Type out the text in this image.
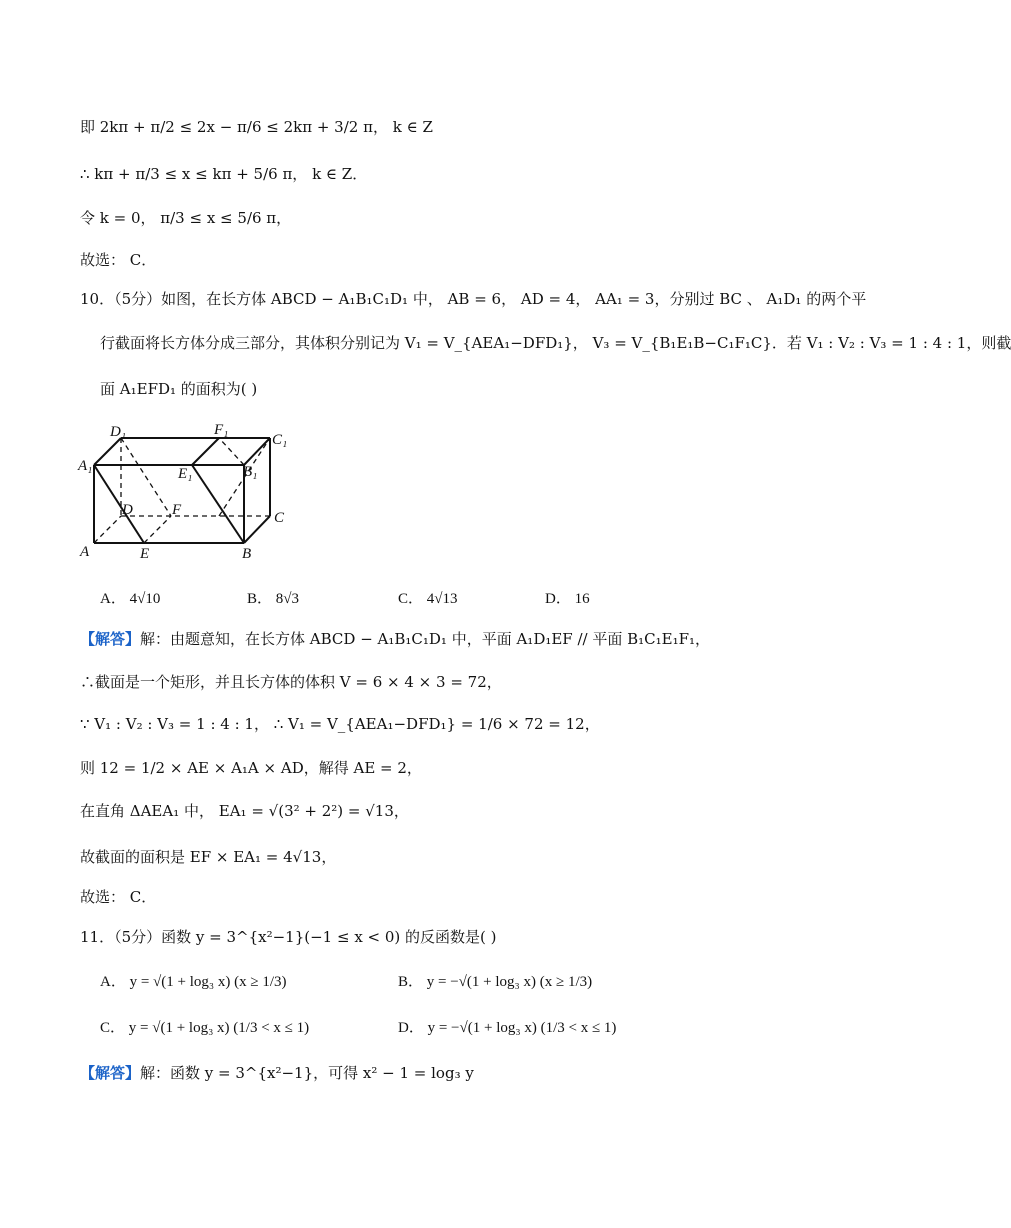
即 2kπ + π/2 ≤ 2x − π/6 ≤ 2kπ + 3/2 π， k ∈ Z
∴ kπ + π/3 ≤ x ≤ kπ + 5/6 π， k ∈ Z．
令 k = 0， π/3 ≤ x ≤ 5/6 π，
故选： C．
10．（5分）如图，在长方体 ABCD − A₁B₁C₁D₁ 中， AB = 6， AD = 4， AA₁ = 3，分别过 BC 、 A₁D₁ 的两个平
行截面将长方体分成三部分，其体积分别记为 V₁ = V_{AEA₁−DFD₁}， V₃ = V_{B₁E₁B−C₁F₁C}．若 V₁ : V₂ : V₃ = 1 : 4 : 1，则截
面 A₁EFD₁ 的面积为( )
D₁	F₁
C₁
A₁	E₁	B₁
D	F	C
A	E	B
A． 4√10	B． 8√3	C． 4√13	D． 16
【解答】解：由题意知，在长方体 ABCD − A₁B₁C₁D₁ 中，平面 A₁D₁EF // 平面 B₁C₁E₁F₁，
∴截面是一个矩形，并且长方体的体积 V = 6 × 4 × 3 = 72，
∵ V₁ : V₂ : V₃ = 1 : 4 : 1， ∴ V₁ = V_{AEA₁−DFD₁} = 1/6 × 72 = 12，
则 12 = 1/2 × AE × A₁A × AD，解得 AE = 2，
在直角 ΔAEA₁ 中， EA₁ = √(3² + 2²) = √13，
故截面的面积是 EF × EA₁ = 4√13，
故选： C．
11．（5分）函数 y = 3^{x²−1}(−1 ≤ x < 0) 的反函数是( )
A． y = √(1 + log₃ x) (x ≥ 1/3)	B． y = −√(1 + log₃ x) (x ≥ 1/3)
C． y = √(1 + log₃ x) (1/3 < x ≤ 1)	D． y = −√(1 + log₃ x) (1/3 < x ≤ 1)
【解答】解：函数 y = 3^{x²−1}，可得 x² − 1 = log₃ y
